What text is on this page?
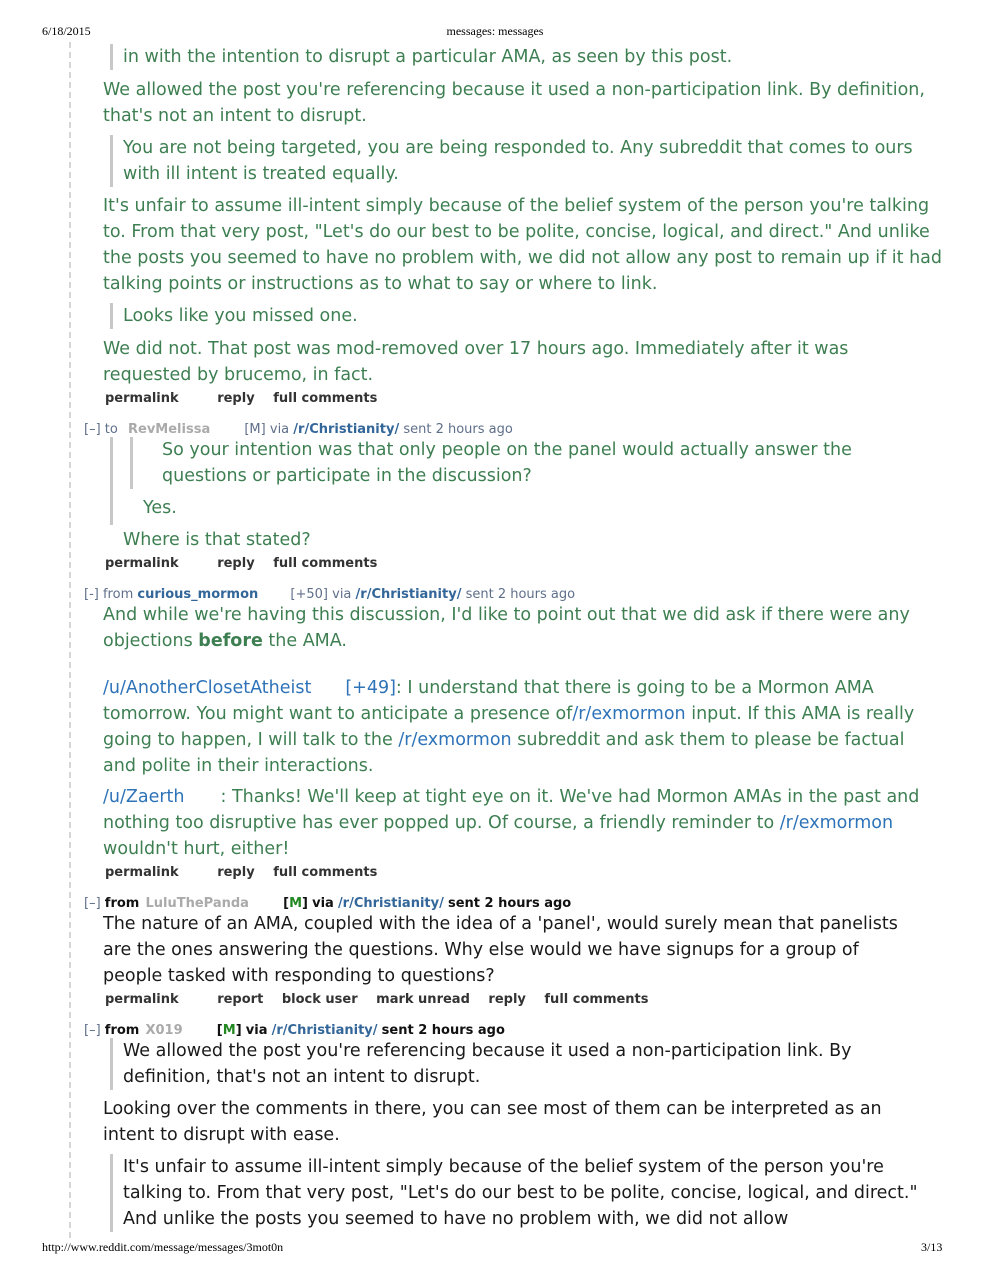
6/18/2015	messages: messages
http://www.reddit.com/message/messages/3mot0n	3/13

in with the intention to disrupt a particular AMA, as seen by this post.

We allowed the post you're referencing because it used a non-participation link. By definition, that's not an intent to disrupt.

You are not being targeted, you are being responded to. Any subreddit that comes to ours with ill intent is treated equally.

It's unfair to assume ill-intent simply because of the belief system of the person you're talking to. From that very post, "Let's do our best to be polite, concise, logical, and direct." And unlike the posts you seemed to have no problem with, we did not allow any post to remain up if it had talking points or instructions as to what to say or where to link.

Looks like you missed one.

We did not. That post was mod-removed over 17 hours ago. Immediately after it was requested by brucemo, in fact.

permalink	reply full comments
[–] to RevMelissa	[M] via /r/Christianity/ sent 2 hours ago

So your intention was that only people on the panel would actually answer the questions or participate in the discussion?

Yes.

Where is that stated?

permalink	reply full comments
[-] from curious_mormon [+50] via /r/Christianity/ sent 2 hours ago

And while we're having this discussion, I'd like to point out that we did ask if there were any objections before the AMA.

/u/AnotherClosetAtheist [+49]: I understand that there is going to be a Mormon AMA tomorrow. You might want to anticipate a presence of/r/exmormon input. If this AMA is really going to happen, I will talk to the /r/exmormon subreddit and ask them to please be factual and polite in their interactions.

/u/Zaerth : Thanks! We'll keep at tight eye on it. We've had Mormon AMAs in the past and nothing too disruptive has ever popped up. Of course, a friendly reminder to /r/exmormon wouldn't hurt, either!

permalink	reply full comments
[–] from LuluThePanda	[M] via /r/Christianity/ sent 2 hours ago

The nature of an AMA, coupled with the idea of a 'panel', would surely mean that panelists are the ones answering the questions. Why else would we have signups for a group of people tasked with responding to questions?

permalink	report block user mark unread reply full comments
[–] from X019	[M] via /r/Christianity/ sent 2 hours ago

We allowed the post you're referencing because it used a non-participation link. By definition, that's not an intent to disrupt.

Looking over the comments in there, you can see most of them can be interpreted as an intent to disrupt with ease.

It's unfair to assume ill-intent simply because of the belief system of the person you're talking to. From that very post, "Let's do our best to be polite, concise, logical, and direct." And unlike the posts you seemed to have no problem with, we did not allow
